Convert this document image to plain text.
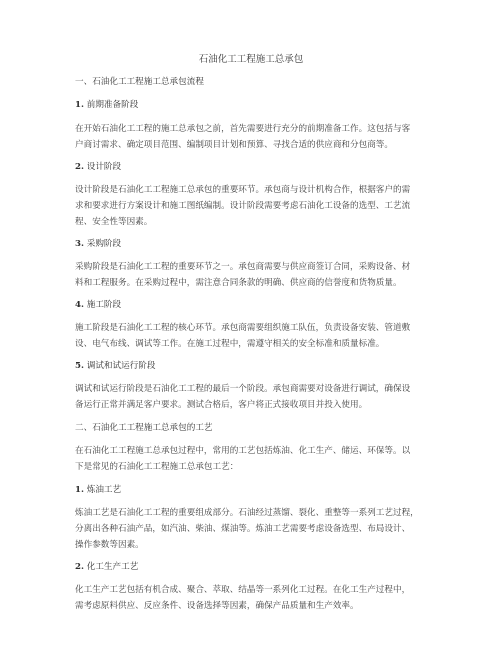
石油化工工程施工总承包
一、石油化工工程施工总承包流程
1. 前期准备阶段
在开始石油化工工程的施工总承包之前，首先需要进行充分的前期准备工作。这包括与客
户商讨需求、确定项目范围、编制项目计划和预算、寻找合适的供应商和分包商等。
2. 设计阶段
设计阶段是石油化工工程施工总承包的重要环节。承包商与设计机构合作，根据客户的需
求和要求进行方案设计和施工图纸编制。设计阶段需要考虑石油化工设备的选型、工艺流
程、安全性等因素。
3. 采购阶段
采购阶段是石油化工工程的重要环节之一。承包商需要与供应商签订合同，采购设备、材
料和工程服务。在采购过程中，需注意合同条款的明确、供应商的信誉度和货物质量。
4. 施工阶段
施工阶段是石油化工工程的核心环节。承包商需要组织施工队伍，负责设备安装、管道敷
设、电气布线、调试等工作。在施工过程中，需遵守相关的安全标准和质量标准。
5. 调试和试运行阶段
调试和试运行阶段是石油化工工程的最后一个阶段。承包商需要对设备进行调试，确保设
备运行正常并满足客户要求。测试合格后，客户将正式接收项目并投入使用。
二、石油化工工程施工总承包的工艺
在石油化工工程施工总承包过程中，常用的工艺包括炼油、化工生产、储运、环保等。以
下是常见的石油化工工程施工总承包工艺：
1. 炼油工艺
炼油工艺是石油化工工程的重要组成部分。石油经过蒸馏、裂化、重整等一系列工艺过程，
分离出各种石油产品，如汽油、柴油、煤油等。炼油工艺需要考虑设备选型、布局设计、
操作参数等因素。
2. 化工生产工艺
化工生产工艺包括有机合成、聚合、萃取、结晶等一系列化工过程。在化工生产过程中，
需考虑原料供应、反应条件、设备选择等因素，确保产品质量和生产效率。
